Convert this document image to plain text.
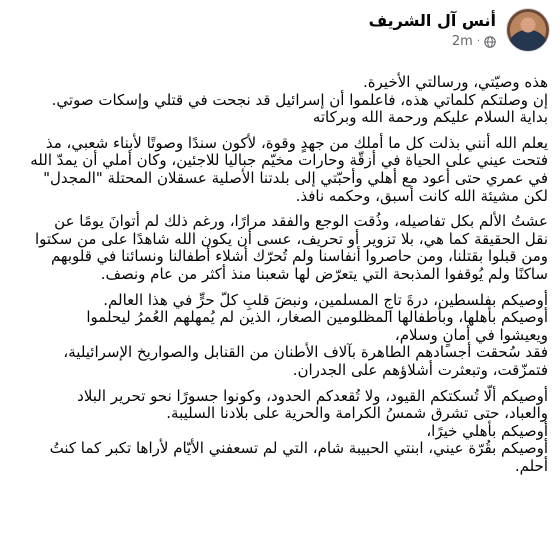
أنس آل الشريف
2m ·

هذه وصيّتي، ورسالتي الأخيرة.
إن وصلتكم كلماتي هذه، فاعلموا أن إسرائيل قد نجحت في قتلي وإسكات صوتي.
بداية السلام عليكم ورحمة الله وبركاته

يعلم الله أنني بذلت كل ما أملك من جهدٍ وقوة، لأكون سندًا وصوتًا لأبناء شعبي، مذ
فتحت عيني على الحياة في أزقّة وحارات مخيّم جباليا للاجئين، وكان أملي أن يمدّ الله
في عمري حتى أعود مع أهلي وأحبّتي إلى بلدتنا الأصلية عسقلان المحتلة "المجدل"
لكن مشيئة الله كانت أسبق، وحكمه نافذ.

عشتُ الألم بكل تفاصيله، وذُقت الوجع والفقد مرارًا، ورغم ذلك لم أتوانَ يومًا عن
نقل الحقيقة كما هي، بلا تزوير أو تحريف، عسى أن يكون الله شاهدًا على من سكتوا
ومن قبلوا بقتلنا، ومن حاصروا أنفاسنا ولم تُحرّك أشلاء أطفالنا ونسائنا في قلوبهم
ساكنًا ولم يُوقفوا المذبحة التي يتعرّض لها شعبنا منذ أكثر من عام ونصف.

أوصيكم بفلسطين، درةَ تاجِ المسلمين، ونبضَ قلبِ كلّ حرٍّ في هذا العالم.
أوصيكم بأهلها، وبأطفالها المظلومين الصغار، الذين لم يُمهلهم العُمرُ ليحلموا
ويعيشوا في أمانٍ وسلام،
فقد سُحقت أجسادهم الطاهرة بآلاف الأطنان من القنابل والصواريخ الإسرائيلية،
فتمزّقت، وتبعثرت أشلاؤهم على الجدران.

أوصيكم ألّا تُسكتكم القيود، ولا تُقعدكم الحدود، وكونوا جسورًا نحو تحرير البلاد
والعباد، حتى تشرق شمسُ الكرامة والحرية على بلادنا السليبة.
أوصيكم بأهلي خيرًا،
أوصيكم بقُرّة عيني، ابنتي الحبيبة شام، التي لم تسعفني الأيّام لأراها تكبر كما كنتُ
أحلم.
